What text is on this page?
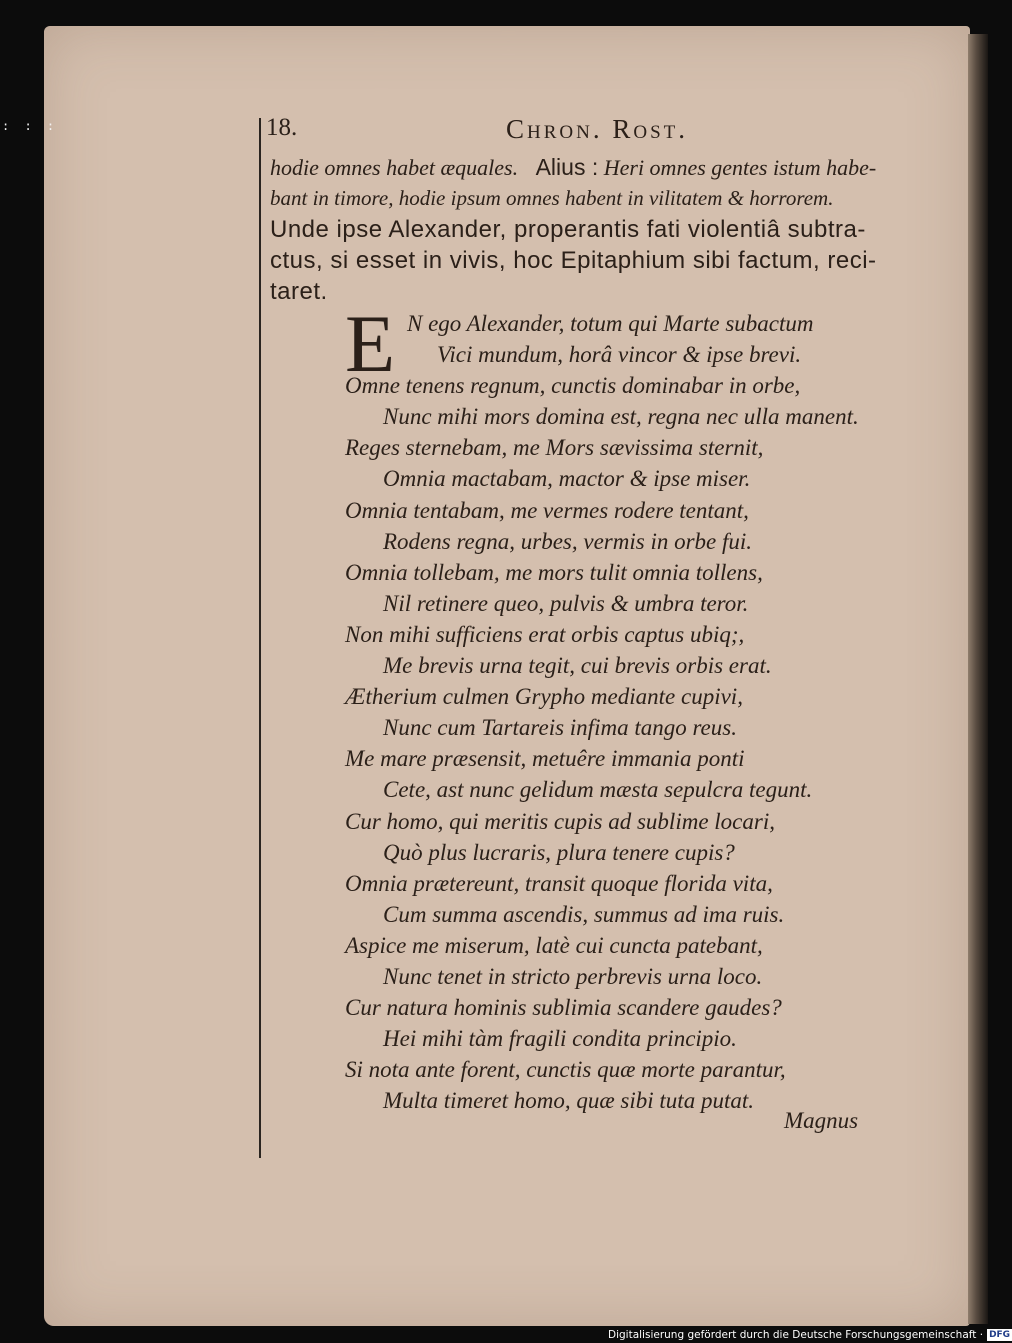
: : :	18.	Chron. Rost.
hodie omnes habet æquales. Alius : Heri omnes gentes istum habe-
bant in timore, hodie ipsum omnes habent in vilitatem & horrorem.
Unde ipse Alexander, properantis fati violentiâ subtra-
ctus, si esset in vivis, hoc Epitaphium sibi factum, reci-
taret.
E N ego Alexander, totum qui Marte subactum
Vici mundum, horâ vincor & ipse brevi.
Omne tenens regnum, cunctis dominabar in orbe,
Nunc mihi mors domina est, regna nec ulla manent.
Reges sternebam, me Mors sævissima sternit,
Omnia mactabam, mactor & ipse miser.
Omnia tentabam, me vermes rodere tentant,
Rodens regna, urbes, vermis in orbe fui.
Omnia tollebam, me mors tulit omnia tollens,
Nil retinere queo, pulvis & umbra teror.
Non mihi sufficiens erat orbis captus ubiq;,
Me brevis urna tegit, cui brevis orbis erat.
Ætherium culmen Grypho mediante cupivi,
Nunc cum Tartareis infima tango reus.
Me mare præsensit, metuêre immania ponti
Cete, ast nunc gelidum mæsta sepulcra tegunt.
Cur homo, qui meritis cupis ad sublime locari,
Quò plus lucraris, plura tenere cupis?
Omnia prætereunt, transit quoque florida vita,
Cum summa ascendis, summus ad ima ruis.
Aspice me miserum, latè cui cuncta patebant,
Nunc tenet in stricto perbrevis urna loco.
Cur natura hominis sublimia scandere gaudes?
Hei mihi tàm fragili condita principio.
Si nota ante forent, cunctis quæ morte parantur,
Multa timeret homo, quæ sibi tuta putat.
Magnus
Digitalisierung gefördert durch die Deutsche Forschungsgemeinschaft · DFG
